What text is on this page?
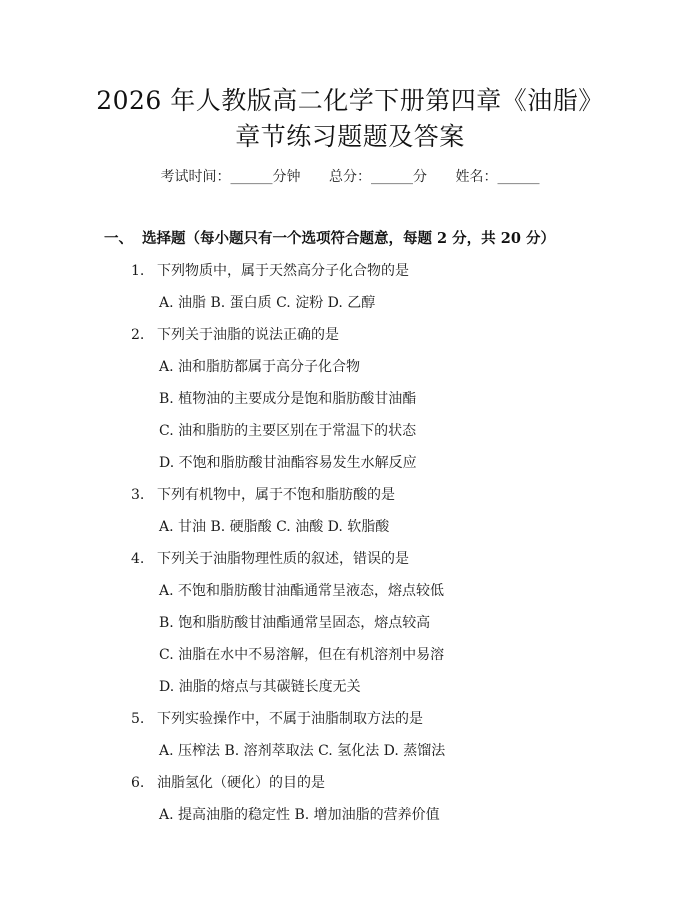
2026 年人教版高二化学下册第四章《油脂》
章节练习题题及答案
考试时间：______分钟 总分：______分 姓名：______
一、 选择题（每小题只有一个选项符合题意，每题 2 分，共 20 分）
1. 下列物质中，属于天然高分子化合物的是
A. 油脂 B. 蛋白质 C. 淀粉 D. 乙醇
2. 下列关于油脂的说法正确的是
A. 油和脂肪都属于高分子化合物
B. 植物油的主要成分是饱和脂肪酸甘油酯
C. 油和脂肪的主要区别在于常温下的状态
D. 不饱和脂肪酸甘油酯容易发生水解反应
3. 下列有机物中，属于不饱和脂肪酸的是
A. 甘油 B. 硬脂酸 C. 油酸 D. 软脂酸
4. 下列关于油脂物理性质的叙述，错误的是
A. 不饱和脂肪酸甘油酯通常呈液态，熔点较低
B. 饱和脂肪酸甘油酯通常呈固态，熔点较高
C. 油脂在水中不易溶解，但在有机溶剂中易溶
D. 油脂的熔点与其碳链长度无关
5. 下列实验操作中，不属于油脂制取方法的是
A. 压榨法 B. 溶剂萃取法 C. 氢化法 D. 蒸馏法
6. 油脂氢化（硬化）的目的是
A. 提高油脂的稳定性 B. 增加油脂的营养价值
